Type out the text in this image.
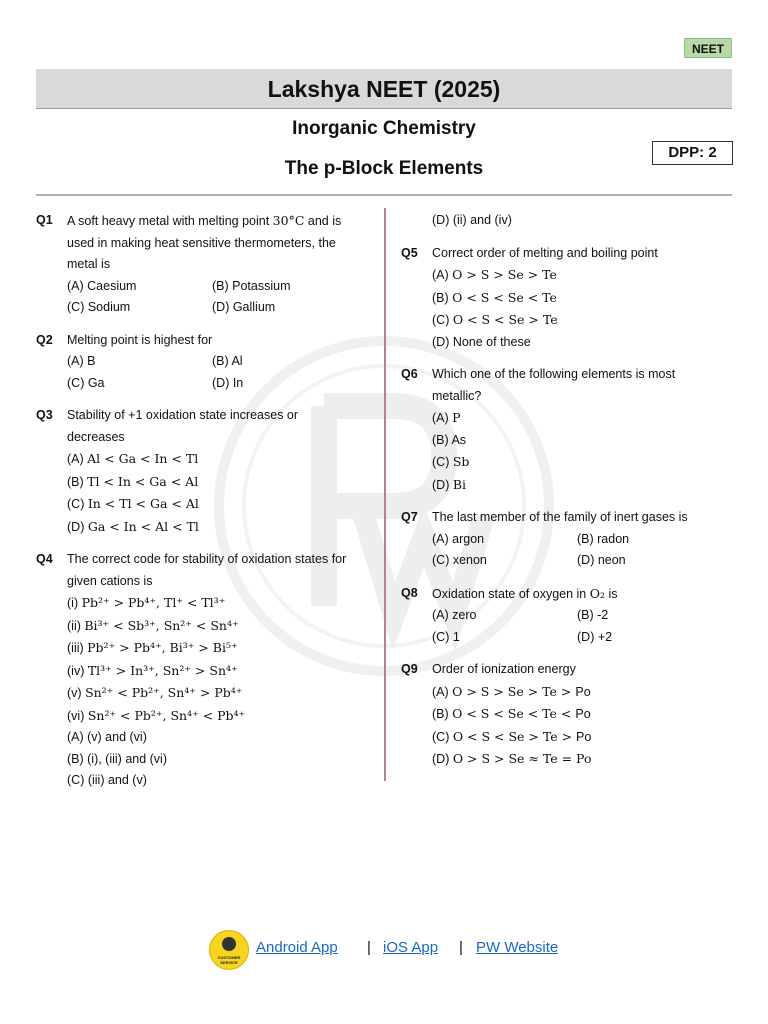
NEET
Lakshya NEET (2025)
Inorganic Chemistry
The p-Block Elements
DPP: 2
Q1 A soft heavy metal with melting point 30°C and is used in making heat sensitive thermometers, the metal is
(A) Caesium	(B) Potassium
(C) Sodium	(D) Gallium
Q2 Melting point is highest for
(A) B	(B) Al
(C) Ga	(D) In
Q3 Stability of +1 oxidation state increases or decreases
(A) Al < Ga < In < Tl
(B) Tl < In < Ga < Al
(C) In < Tl < Ga < Al
(D) Ga < In < Al < Tl
Q4 The correct code for stability of oxidation states for given cations is
(i) Pb²⁺ > Pb⁴⁺, Tl⁺ < Tl³⁺
(ii) Bi³⁺ < Sb³⁺, Sn²⁺ < Sn⁴⁺
(iii) Pb²⁺ > Pb⁴⁺, Bi³⁺ > Bi⁵⁺
(iv) Tl³⁺ > In³⁺, Sn²⁺ > Sn⁴⁺
(v) Sn²⁺ < Pb²⁺, Sn⁴⁺ > Pb⁴⁺
(vi) Sn²⁺ < Pb²⁺, Sn⁴⁺ < Pb⁴⁺
(A) (v) and (vi)
(B) (i), (iii) and (vi)
(C) (iii) and (v)
(D) (ii) and (iv)
Q5 Correct order of melting and boiling point
(A) O > S > Se > Te
(B) O < S < Se < Te
(C) O < S < Se > Te
(D) None of these
Q6 Which one of the following elements is most metallic?
(A) P
(B) As
(C) Sb
(D) Bi
Q7 The last member of the family of inert gases is
(A) argon	(B) radon
(C) xenon	(D) neon
Q8 Oxidation state of oxygen in O₂ is
(A) zero	(B) -2
(C) 1	(D) +2
Q9 Order of ionization energy
(A) O > S > Se > Te > Po
(B) O < S < Se < Te < Po
(C) O < S < Se > Te > Po
(D) O > S > Se ≈ Te = Po
CUSTOMER SERVICE
Android App | iOS App | PW Website
